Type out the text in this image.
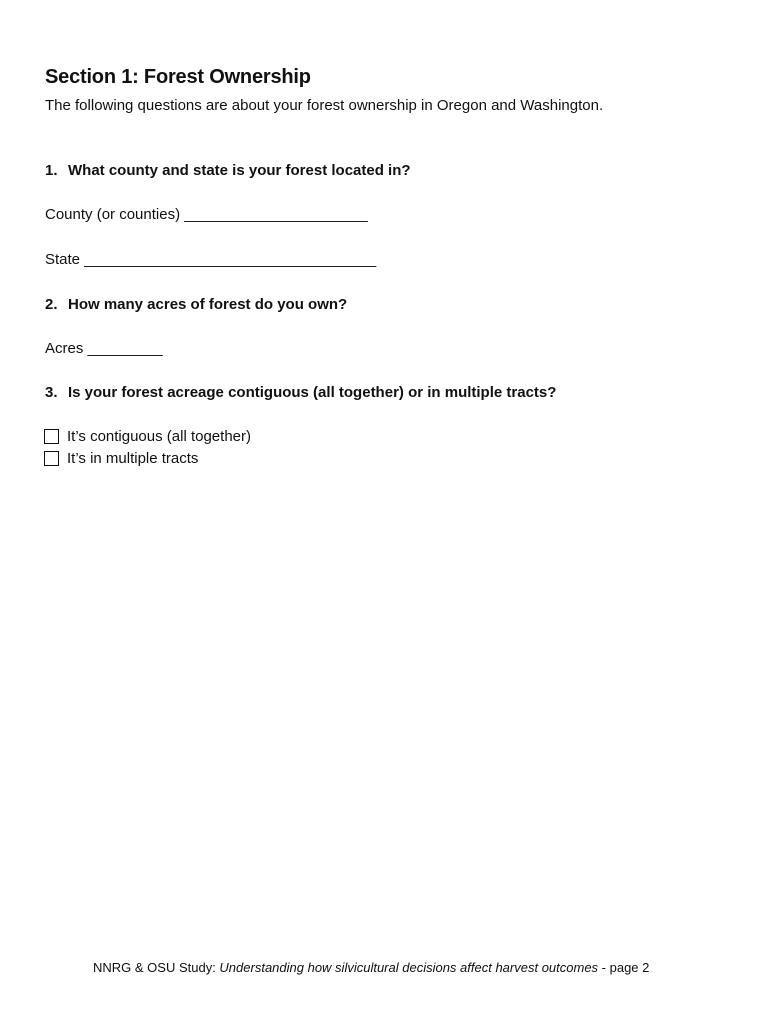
Section 1: Forest Ownership
The following questions are about your forest ownership in Oregon and Washington.
1. What county and state is your forest located in?
County (or counties) ______________________
State ___________________________________
2. How many acres of forest do you own?
Acres _________
3. Is your forest acreage contiguous (all together) or in multiple tracts?
It’s contiguous (all together)
It’s in multiple tracts
NNRG & OSU Study: Understanding how silvicultural decisions affect harvest outcomes - page 2
